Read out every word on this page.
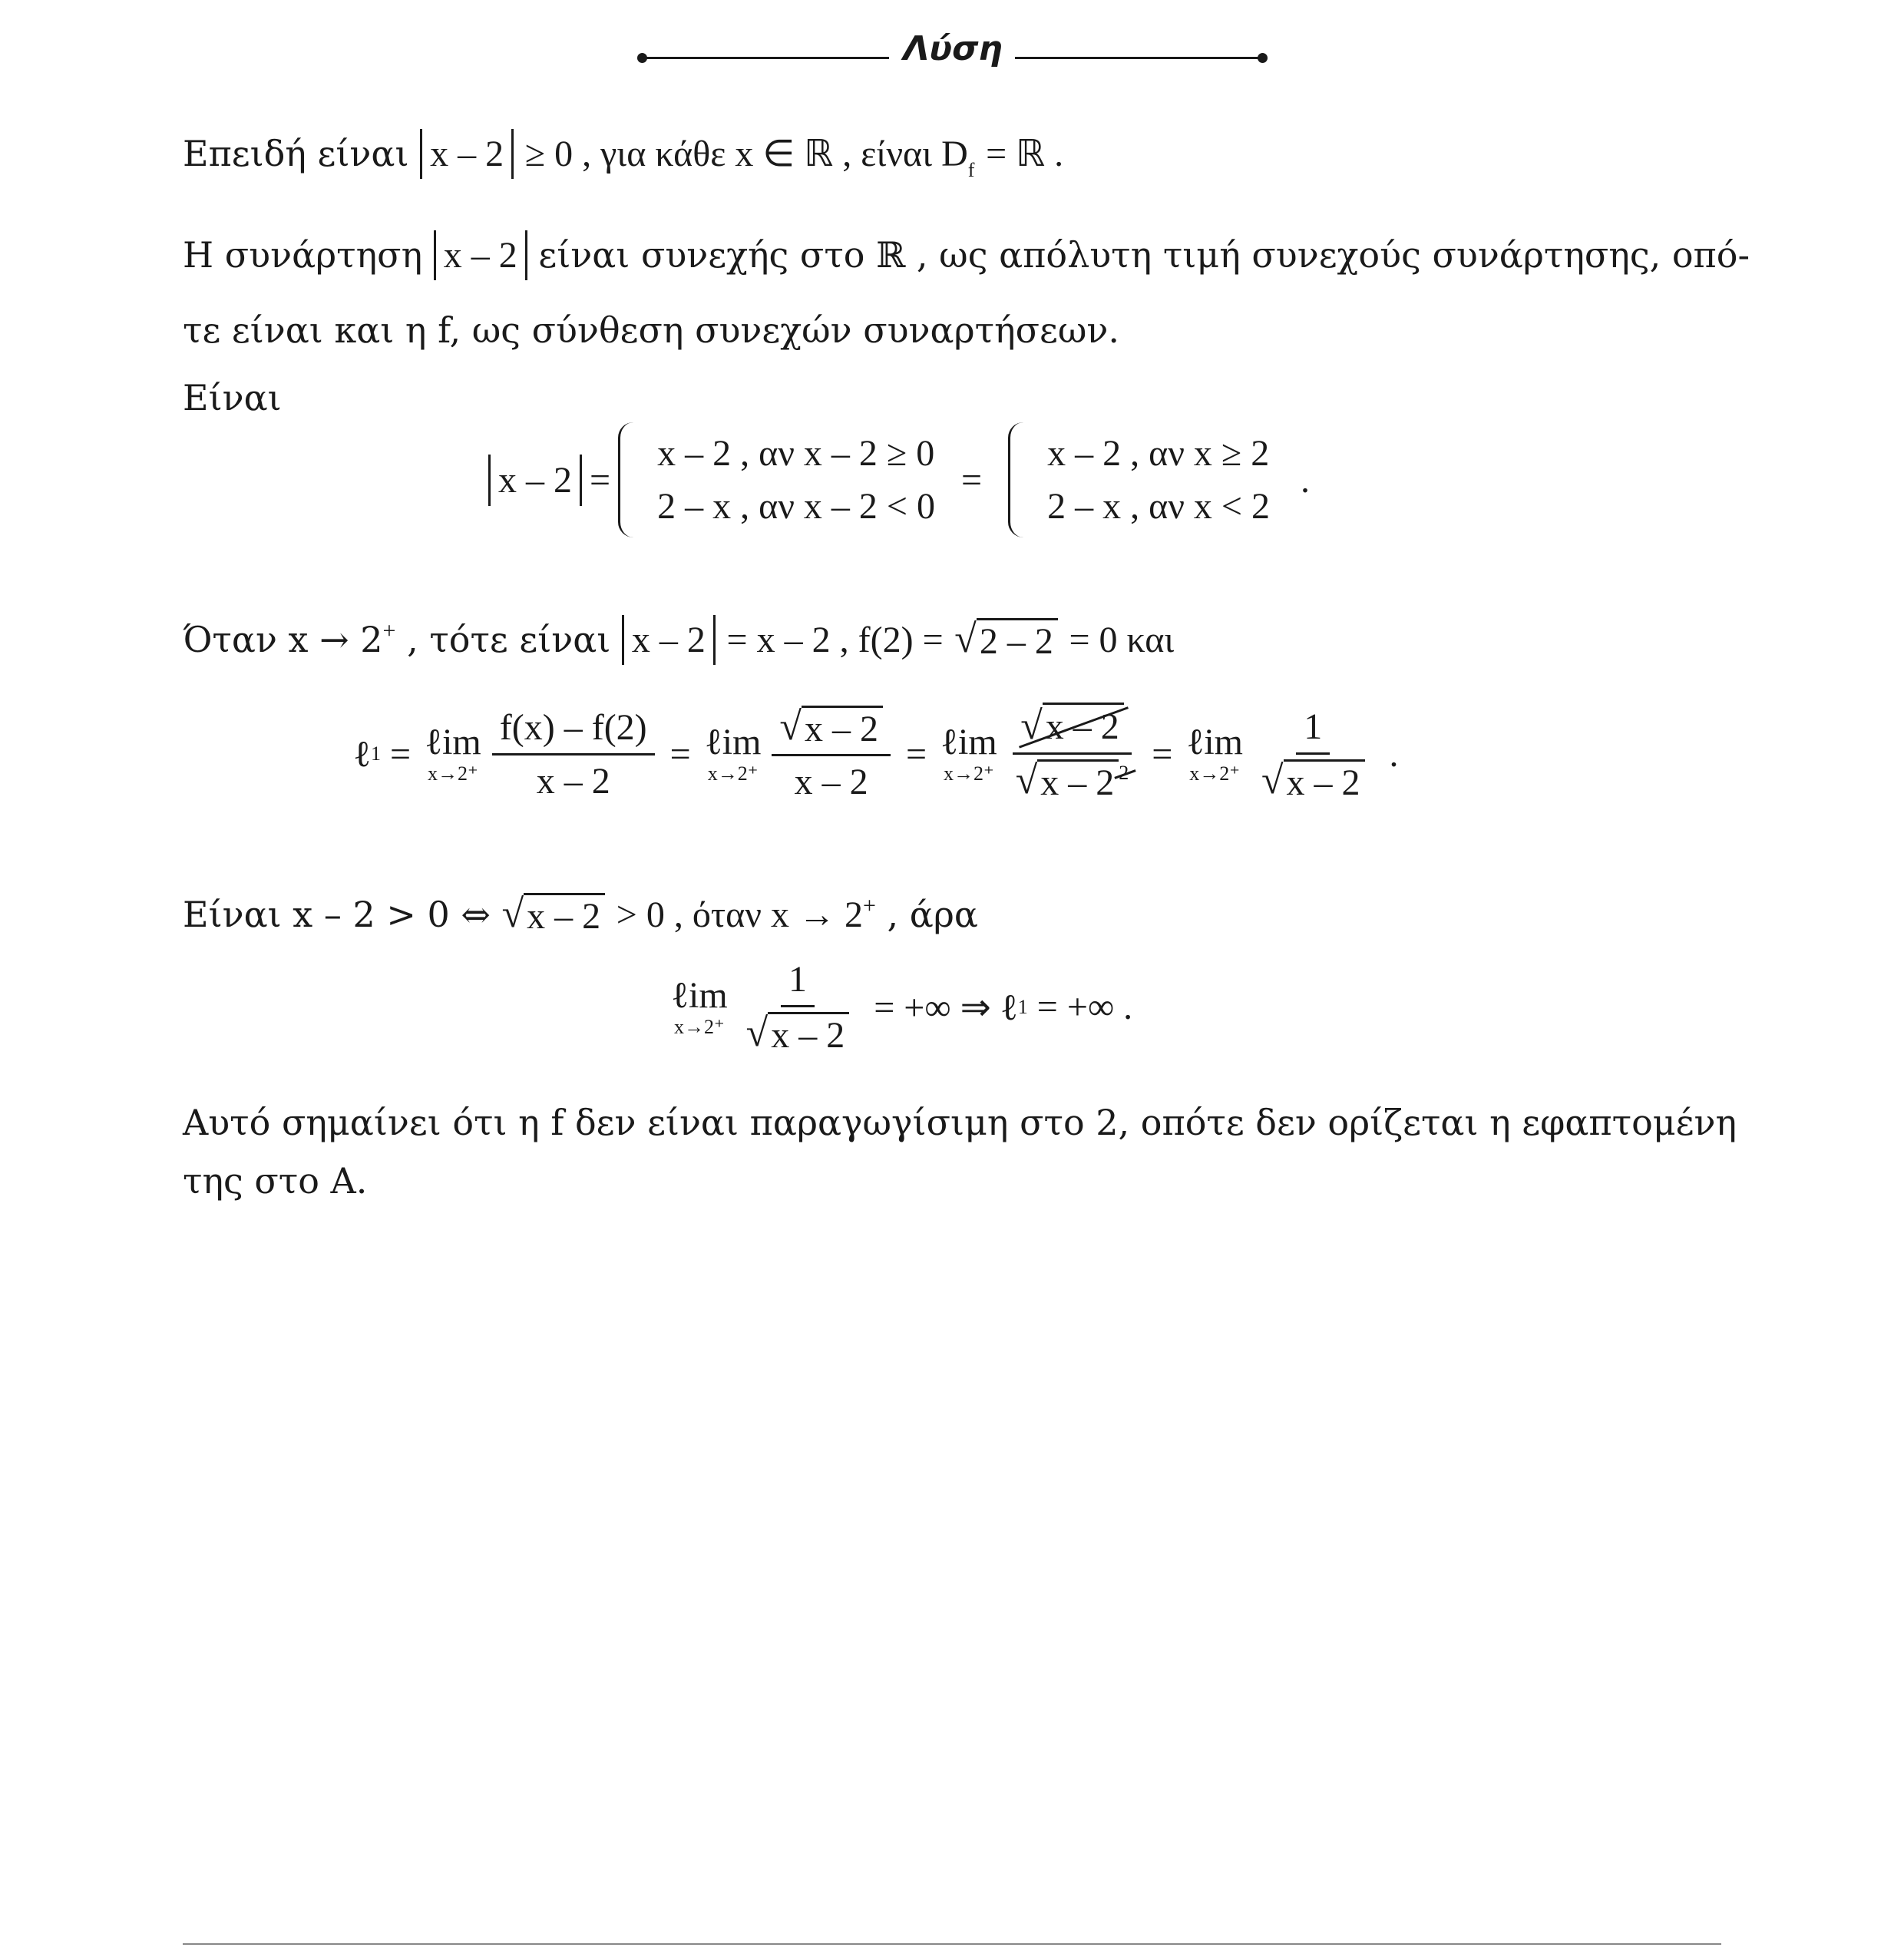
Λύση
Επειδή είναι x – 2 ≥ 0 , για κάθε x ∈ ℝ , είναι $D_f$ = ℝ .
Η συνάρτηση x – 2 είναι συνεχής στο ℝ , ως απόλυτη τιμή συνεχούς συνάρτησης, οπό-
τε είναι και η f, ως σύνθεση συνεχών συναρτήσεων.
Είναι
x – 2 =
x – 2 , αν x – 2 ≥ 0
2 – x , αν x – 2 < 0
=
x – 2 , αν x ≥ 2
2 – x , αν x < 2
.
Όταν x → 2+ , τότε είναι x – 2 = x – 2 , f(2) = √ 2 – 2 = 0 και
ℓ 1 = ℓim
$x\to 2^+ \frac{f(x) - f(2)}{x - 2}$ = ℓim
$x\to 2^+ \frac{√ x - 2}{x - 2}$ = ℓim
$x\to 2^+ \frac{√x - 2}{√ x - 2 2}$ = ℓim
$x\to 2^+ \frac{1}{√ x - 2}$ .
Είναι x – 2 > 0 ⇔ √ x – 2 > 0 , όταν x → 2+ , άρα
ℓim
$x\to 2^+ \frac{1}{√ x - 2}$ = +∞ ⇒ ℓ 1 = +∞ .
Αυτό σημαίνει ότι η f δεν είναι παραγωγίσιμη στο 2, οπότε δεν ορίζεται η εφαπτομένη
της στο Α.
